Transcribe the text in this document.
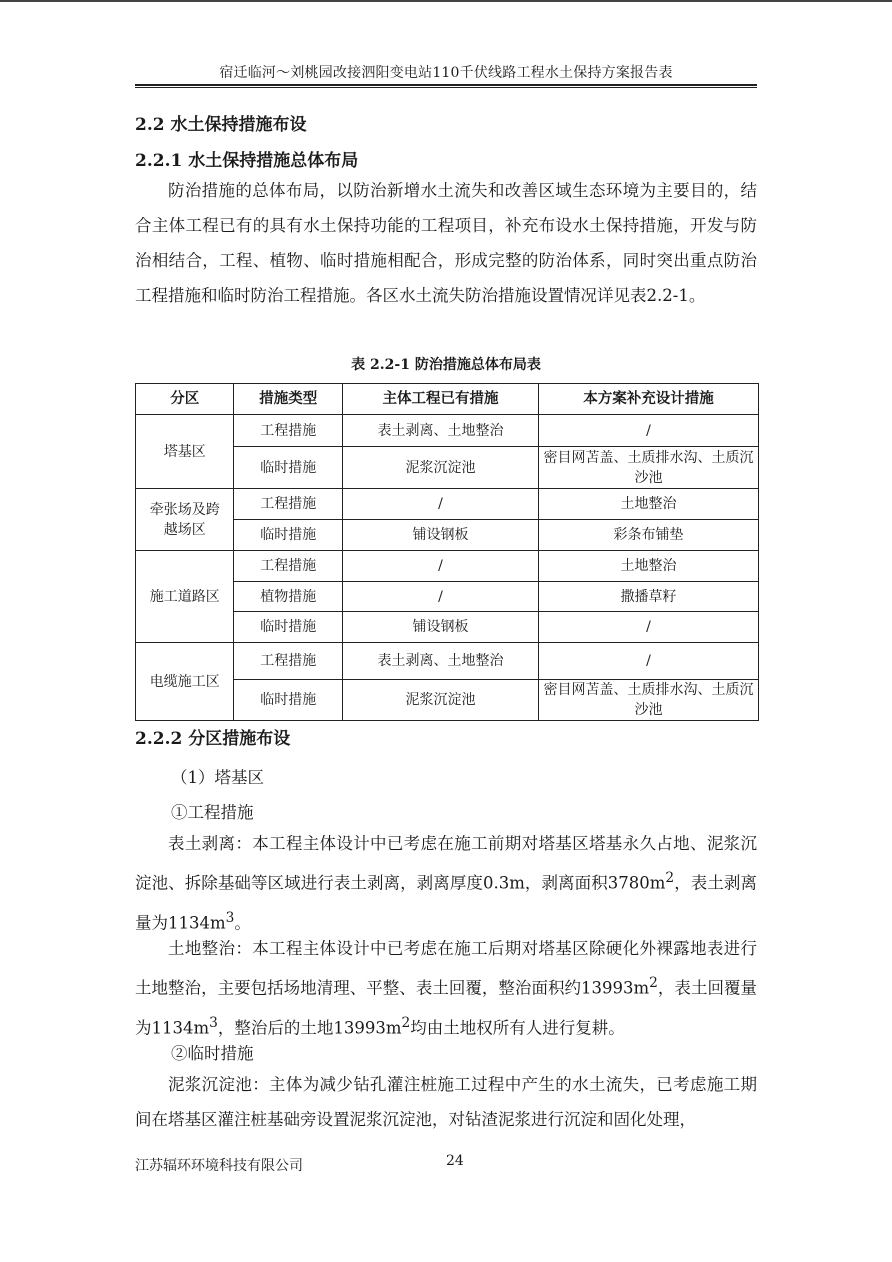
宿迁临河～刘桃园改接泗阳变电站110千伏线路工程水土保持方案报告表
2.2 水土保持措施布设
2.2.1 水土保持措施总体布局

防治措施的总体布局，以防治新增水土流失和改善区域生态环境为主要目的，结合主体工程已有的具有水土保持功能的工程项目，补充布设水土保持措施，开发与防治相结合，工程、植物、临时措施相配合，形成完整的防治体系，同时突出重点防治工程措施和临时防治工程措施。各区水土流失防治措施设置情况详见表2.2-1。

表 2.2-1 防治措施总体布局表
分区	措施类型	主体工程已有措施	本方案补充设计措施
塔基区	工程措施	表土剥离、土地整治	/
	临时措施	泥浆沉淀池	密目网苫盖、土质排水沟、土质沉沙池
牵张场及跨越场区	工程措施	/	土地整治
	临时措施	铺设钢板	彩条布铺垫
施工道路区	工程措施	/	土地整治
	植物措施	/	撒播草籽
	临时措施	铺设钢板	/
电缆施工区	工程措施	表土剥离、土地整治	/
	临时措施	泥浆沉淀池	密目网苫盖、土质排水沟、土质沉沙池
2.2.2 分区措施布设
（1）塔基区
①工程措施

表土剥离：本工程主体设计中已考虑在施工前期对塔基区塔基永久占地、泥浆沉淀池、拆除基础等区域进行表土剥离，剥离厚度0.3m，剥离面积$3780m^2$，表土剥离量为$1134m^3$。

土地整治：本工程主体设计中已考虑在施工后期对塔基区除硬化外裸露地表进行土地整治，主要包括场地清理、平整、表土回覆，整治面积约$13993m^2$，表土回覆量为$1134m^3$，整治后的土地$13993m^2$均由土地权所有人进行复耕。

②临时措施

泥浆沉淀池：主体为减少钻孔灌注桩施工过程中产生的水土流失，已考虑施工期间在塔基区灌注桩基础旁设置泥浆沉淀池，对钻渣泥浆进行沉淀和固化处理，

江苏辐环环境科技有限公司	24
